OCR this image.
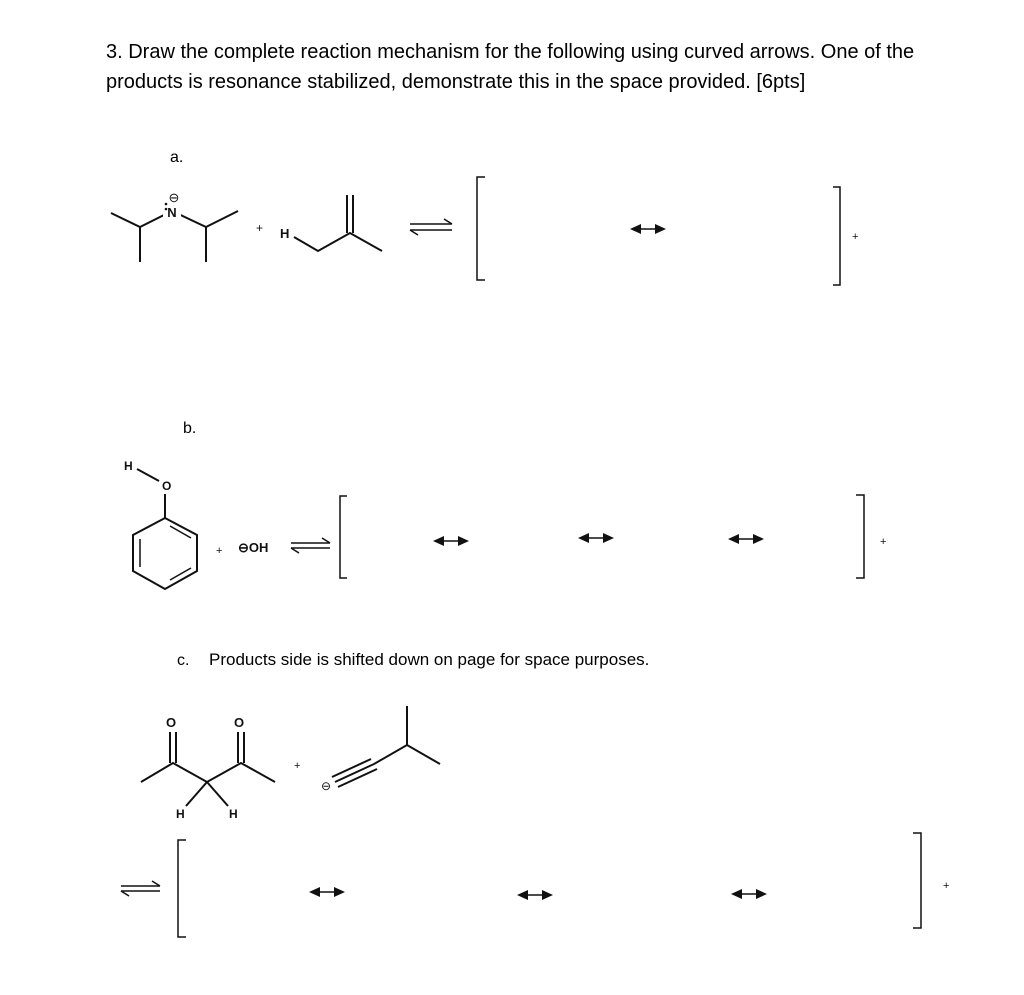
3. Draw the complete reaction mechanism for the following using curved arrows. One of the products is resonance stabilized, demonstrate this in the space provided. [6pts]
a.
b.
c. Products side is shifted down on page for space purposes.
N
⊖
+ H	+
H
O
+ ⊖OH	+
O	O
H	H
+
⊖
+
